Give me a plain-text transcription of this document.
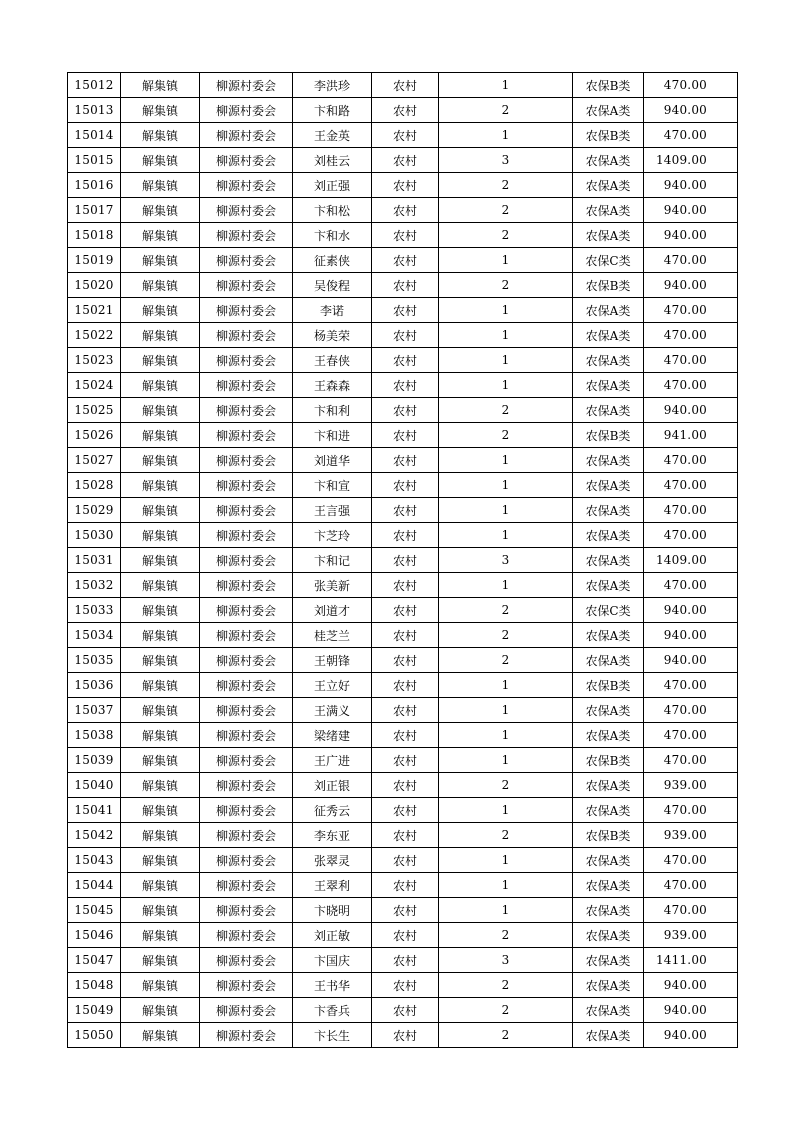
15012	解集镇	柳源村委会	李洪珍	农村	1	农保B类	470.00
15013	解集镇	柳源村委会	卞和路	农村	2	农保A类	940.00
15014	解集镇	柳源村委会	王金英	农村	1	农保B类	470.00
15015	解集镇	柳源村委会	刘桂云	农村	3	农保A类	1409.00
15016	解集镇	柳源村委会	刘正强	农村	2	农保A类	940.00
15017	解集镇	柳源村委会	卞和松	农村	2	农保A类	940.00
15018	解集镇	柳源村委会	卞和水	农村	2	农保A类	940.00
15019	解集镇	柳源村委会	征素侠	农村	1	农保C类	470.00
15020	解集镇	柳源村委会	吴俊程	农村	2	农保B类	940.00
15021	解集镇	柳源村委会	李诺	农村	1	农保A类	470.00
15022	解集镇	柳源村委会	杨美荣	农村	1	农保A类	470.00
15023	解集镇	柳源村委会	王春侠	农村	1	农保A类	470.00
15024	解集镇	柳源村委会	王森森	农村	1	农保A类	470.00
15025	解集镇	柳源村委会	卞和利	农村	2	农保A类	940.00
15026	解集镇	柳源村委会	卞和进	农村	2	农保B类	941.00
15027	解集镇	柳源村委会	刘道华	农村	1	农保A类	470.00
15028	解集镇	柳源村委会	卞和宣	农村	1	农保A类	470.00
15029	解集镇	柳源村委会	王言强	农村	1	农保A类	470.00
15030	解集镇	柳源村委会	卞芝玲	农村	1	农保A类	470.00
15031	解集镇	柳源村委会	卞和记	农村	3	农保A类	1409.00
15032	解集镇	柳源村委会	张美新	农村	1	农保A类	470.00
15033	解集镇	柳源村委会	刘道才	农村	2	农保C类	940.00
15034	解集镇	柳源村委会	桂芝兰	农村	2	农保A类	940.00
15035	解集镇	柳源村委会	王朝锋	农村	2	农保A类	940.00
15036	解集镇	柳源村委会	王立好	农村	1	农保B类	470.00
15037	解集镇	柳源村委会	王满义	农村	1	农保A类	470.00
15038	解集镇	柳源村委会	梁绪建	农村	1	农保A类	470.00
15039	解集镇	柳源村委会	王广进	农村	1	农保B类	470.00
15040	解集镇	柳源村委会	刘正银	农村	2	农保A类	939.00
15041	解集镇	柳源村委会	征秀云	农村	1	农保A类	470.00
15042	解集镇	柳源村委会	李东亚	农村	2	农保B类	939.00
15043	解集镇	柳源村委会	张翠灵	农村	1	农保A类	470.00
15044	解集镇	柳源村委会	王翠利	农村	1	农保A类	470.00
15045	解集镇	柳源村委会	卞晓明	农村	1	农保A类	470.00
15046	解集镇	柳源村委会	刘正敏	农村	2	农保A类	939.00
15047	解集镇	柳源村委会	卞国庆	农村	3	农保A类	1411.00
15048	解集镇	柳源村委会	王书华	农村	2	农保A类	940.00
15049	解集镇	柳源村委会	卞香兵	农村	2	农保A类	940.00
15050	解集镇	柳源村委会	卞长生	农村	2	农保A类	940.00
